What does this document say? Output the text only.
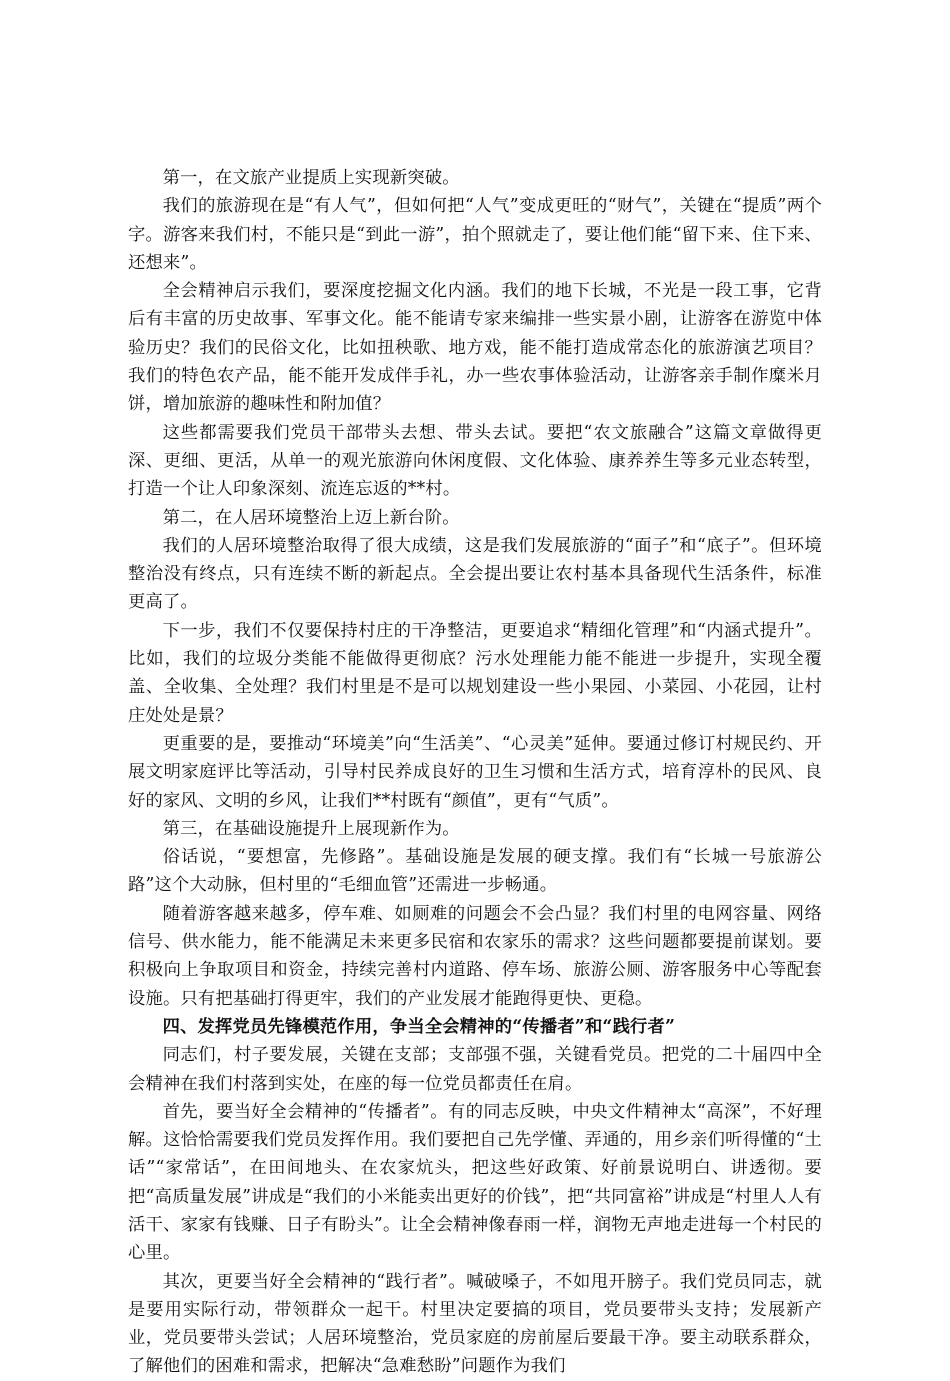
第一，在文旅产业提质上实现新突破。

我们的旅游现在是“有人气”，但如何把“人气”变成更旺的“财气”，关键在“提质”两个字。游客来我们村，不能只是“到此一游”，拍个照就走了，要让他们能“留下来、住下来、还想来”。

全会精神启示我们，要深度挖掘文化内涵。我们的地下长城，不光是一段工事，它背后有丰富的历史故事、军事文化。能不能请专家来编排一些实景小剧，让游客在游览中体验历史？我们的民俗文化，比如扭秧歌、地方戏，能不能打造成常态化的旅游演艺项目？我们的特色农产品，能不能开发成伴手礼，办一些农事体验活动，让游客亲手制作糜米月饼，增加旅游的趣味性和附加值？

这些都需要我们党员干部带头去想、带头去试。要把“农文旅融合”这篇文章做得更深、更细、更活，从单一的观光旅游向休闲度假、文化体验、康养养生等多元业态转型，打造一个让人印象深刻、流连忘返的**村。

第二，在人居环境整治上迈上新台阶。

我们的人居环境整治取得了很大成绩，这是我们发展旅游的“面子”和“底子”。但环境整治没有终点，只有连续不断的新起点。全会提出要让农村基本具备现代生活条件，标准更高了。

下一步，我们不仅要保持村庄的干净整洁，更要追求“精细化管理”和“内涵式提升”。比如，我们的垃圾分类能不能做得更彻底？污水处理能力能不能进一步提升，实现全覆盖、全收集、全处理？我们村里是不是可以规划建设一些小果园、小菜园、小花园，让村庄处处是景？

更重要的是，要推动“环境美”向“生活美”、“心灵美”延伸。要通过修订村规民约、开展文明家庭评比等活动，引导村民养成良好的卫生习惯和生活方式，培育淳朴的民风、良好的家风、文明的乡风，让我们**村既有“颜值”，更有“气质”。

第三，在基础设施提升上展现新作为。

俗话说，“要想富，先修路”。基础设施是发展的硬支撑。我们有“长城一号旅游公路”这个大动脉，但村里的“毛细血管”还需进一步畅通。

随着游客越来越多，停车难、如厕难的问题会不会凸显？我们村里的电网容量、网络信号、供水能力，能不能满足未来更多民宿和农家乐的需求？这些问题都要提前谋划。要积极向上争取项目和资金，持续完善村内道路、停车场、旅游公厕、游客服务中心等配套设施。只有把基础打得更牢，我们的产业发展才能跑得更快、更稳。

四、发挥党员先锋模范作用，争当全会精神的“传播者”和“践行者”

同志们，村子要发展，关键在支部；支部强不强，关键看党员。把党的二十届四中全会精神在我们村落到实处，在座的每一位党员都责任在肩。

首先，要当好全会精神的“传播者”。有的同志反映，中央文件精神太“高深”，不好理解。这恰恰需要我们党员发挥作用。我们要把自己先学懂、弄通的，用乡亲们听得懂的“土话”“家常话”，在田间地头、在农家炕头，把这些好政策、好前景说明白、讲透彻。要把“高质量发展”讲成是“我们的小米能卖出更好的价钱”，把“共同富裕”讲成是“村里人人有活干、家家有钱赚、日子有盼头”。让全会精神像春雨一样，润物无声地走进每一个村民的心里。

其次，更要当好全会精神的“践行者”。喊破嗓子，不如甩开膀子。我们党员同志，就是要用实际行动，带领群众一起干。村里决定要搞的项目，党员要带头支持；发展新产业，党员要带头尝试；人居环境整治，党员家庭的房前屋后要最干净。要主动联系群众，了解他们的困难和需求，把解决“急难愁盼”问题作为我们
